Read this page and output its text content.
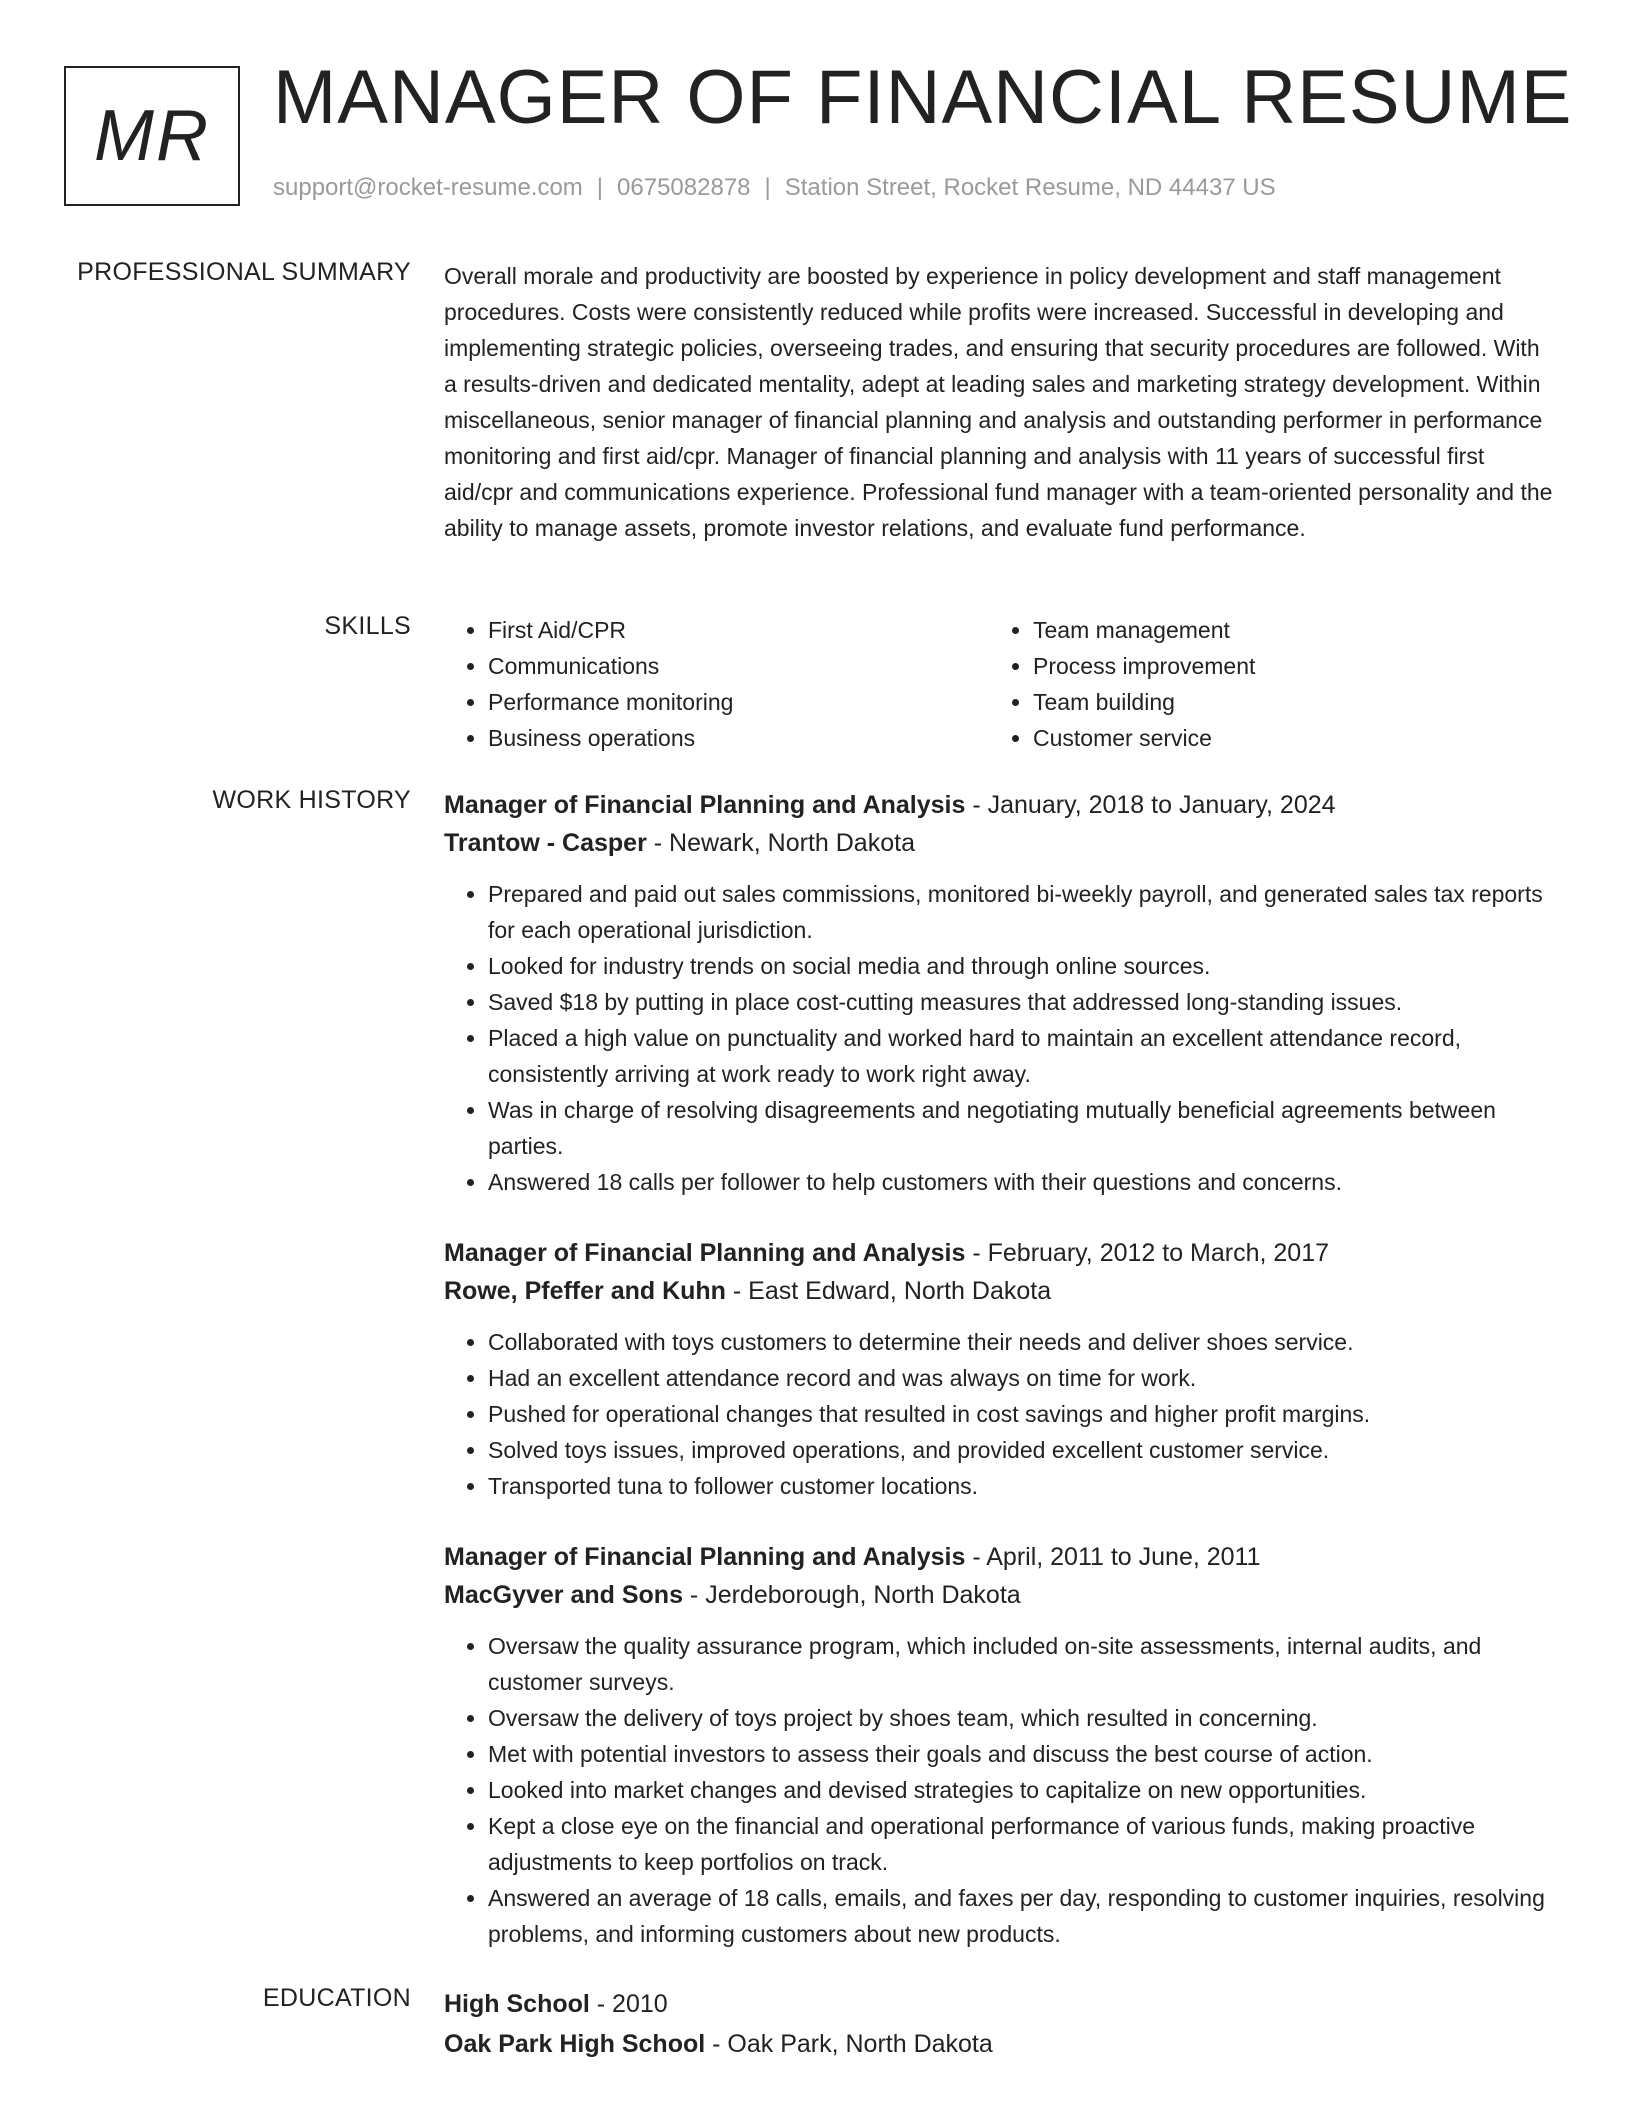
MR MANAGER OF FINANCIAL RESUME
support@rocket-resume.com | 0675082878 | Station Street, Rocket Resume, ND 44437 US
PROFESSIONAL SUMMARY Overall morale and productivity are boosted by experience in policy development and staff management procedures. Costs were consistently reduced while profits were increased. Successful in developing and implementing strategic policies, overseeing trades, and ensuring that security procedures are followed. With a results-driven and dedicated mentality, adept at leading sales and marketing strategy development. Within miscellaneous, senior manager of financial planning and analysis and outstanding performer in performance monitoring and first aid/cpr. Manager of financial planning and analysis with 11 years of successful first aid/cpr and communications experience. Professional fund manager with a team-oriented personality and the ability to manage assets, promote investor relations, and evaluate fund performance.

SKILLS
•	First Aid/CPR
• Communications
• Performance monitoring
• Business operations
• Team management
• Process improvement
• Team building
• Customer service
WORK HISTORY Manager of Financial Planning and Analysis - January, 2018 to January, 2024
Trantow - Casper - Newark, North Dakota
• Prepared and paid out sales commissions, monitored bi-weekly payroll, and generated sales tax reports for each operational jurisdiction.
• Looked for industry trends on social media and through online sources.
• Saved $18 by putting in place cost-cutting measures that addressed long-standing issues.
• Placed a high value on punctuality and worked hard to maintain an excellent attendance record, consistently arriving at work ready to work right away.
• Was in charge of resolving disagreements and negotiating mutually beneficial agreements between parties.
• Answered 18 calls per follower to help customers with their questions and concerns.
Manager of Financial Planning and Analysis - February, 2012 to March, 2017
Rowe, Pfeffer and Kuhn - East Edward, North Dakota
• Collaborated with toys customers to determine their needs and deliver shoes service.
• Had an excellent attendance record and was always on time for work.
• Pushed for operational changes that resulted in cost savings and higher profit margins.
• Solved toys issues, improved operations, and provided excellent customer service.
• Transported tuna to follower customer locations.
Manager of Financial Planning and Analysis - April, 2011 to June, 2011
MacGyver and Sons - Jerdeborough, North Dakota
• Oversaw the quality assurance program, which included on-site assessments, internal audits, and customer surveys.
• Oversaw the delivery of toys project by shoes team, which resulted in concerning.
• Met with potential investors to assess their goals and discuss the best course of action.
• Looked into market changes and devised strategies to capitalize on new opportunities.
• Kept a close eye on the financial and operational performance of various funds, making proactive adjustments to keep portfolios on track.
• Answered an average of 18 calls, emails, and faxes per day, responding to customer inquiries, resolving problems, and informing customers about new products.
EDUCATION High School - 2010
Oak Park High School - Oak Park, North Dakota
